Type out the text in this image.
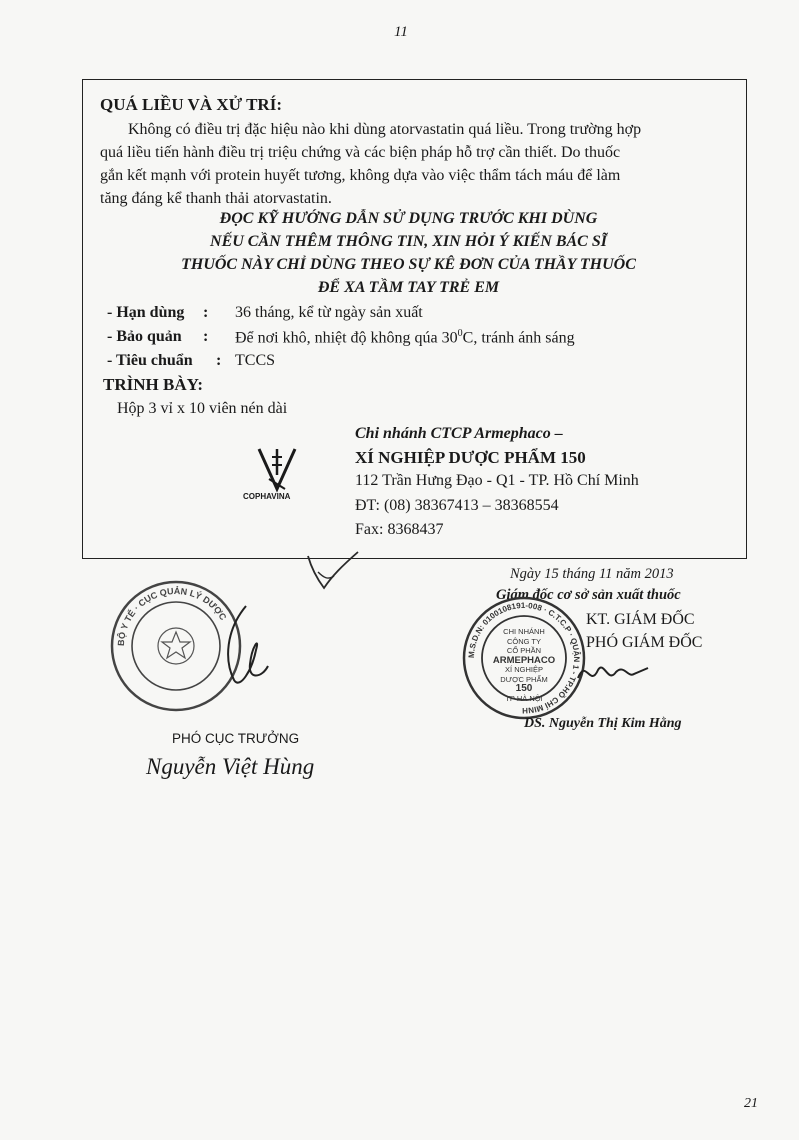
11
QUÁ LIỀU VÀ XỬ TRÍ:
Không có điều trị đặc hiệu nào khi dùng atorvastatin quá liều. Trong trường hợp
quá liều tiến hành điều trị triệu chứng và các biện pháp hỗ trợ cần thiết. Do thuốc
gắn kết mạnh với protein huyết tương, không dựa vào việc thẩm tách máu để làm
tăng đáng kể thanh thải atorvastatin.
ĐỌC KỸ HƯỚNG DẪN SỬ DỤNG TRƯỚC KHI DÙNG
NẾU CẦN THÊM THÔNG TIN, XIN HỎI Ý KIẾN BÁC SĨ
THUỐC NÀY CHỈ DÙNG THEO SỰ KÊ ĐƠN CỦA THẦY THUỐC
ĐỂ XA TẦM TAY TRẺ EM
- Hạn dùng : 36 tháng, kể từ ngày sản xuất
- Bảo quản : Để nơi khô, nhiệt độ không qúa $30^0C$, tránh ánh sáng
- Tiêu chuẩn : TCCS
TRÌNH BÀY:
Hộp 3 vỉ x 10 viên nén dài
Chi nhánh CTCP Armephaco –
XÍ NGHIỆP DƯỢC PHẨM 150
112 Trần Hưng Đạo - Q1 - TP. Hồ Chí Minh
ĐT: (08) 38367413 – 38368554
Fax: 8368437
COPHAVINA
Ngày 15 tháng 11 năm 2013
Giám đốc cơ sở sản xuất thuốc
KT. GIÁM ĐỐC
PHÓ GIÁM ĐỐC
M.S.D.N: 0100108191-008 · C.T.C.P · QUẬN 1 - TP.HỒ CHÍ MINH
CHI NHÁNH
CÔNG TY
CỔ PHẦN
ARMEPHACO
XÍ NGHIỆP
DƯỢC PHẨM
150
TP HÀ NỘI
DS. Nguyễn Thị Kim Hằng
BỘ Y TẾ · CỤC QUẢN LÝ DƯỢC
PHÓ CỤC TRƯỞNG
Nguyễn Việt Hùng
21
